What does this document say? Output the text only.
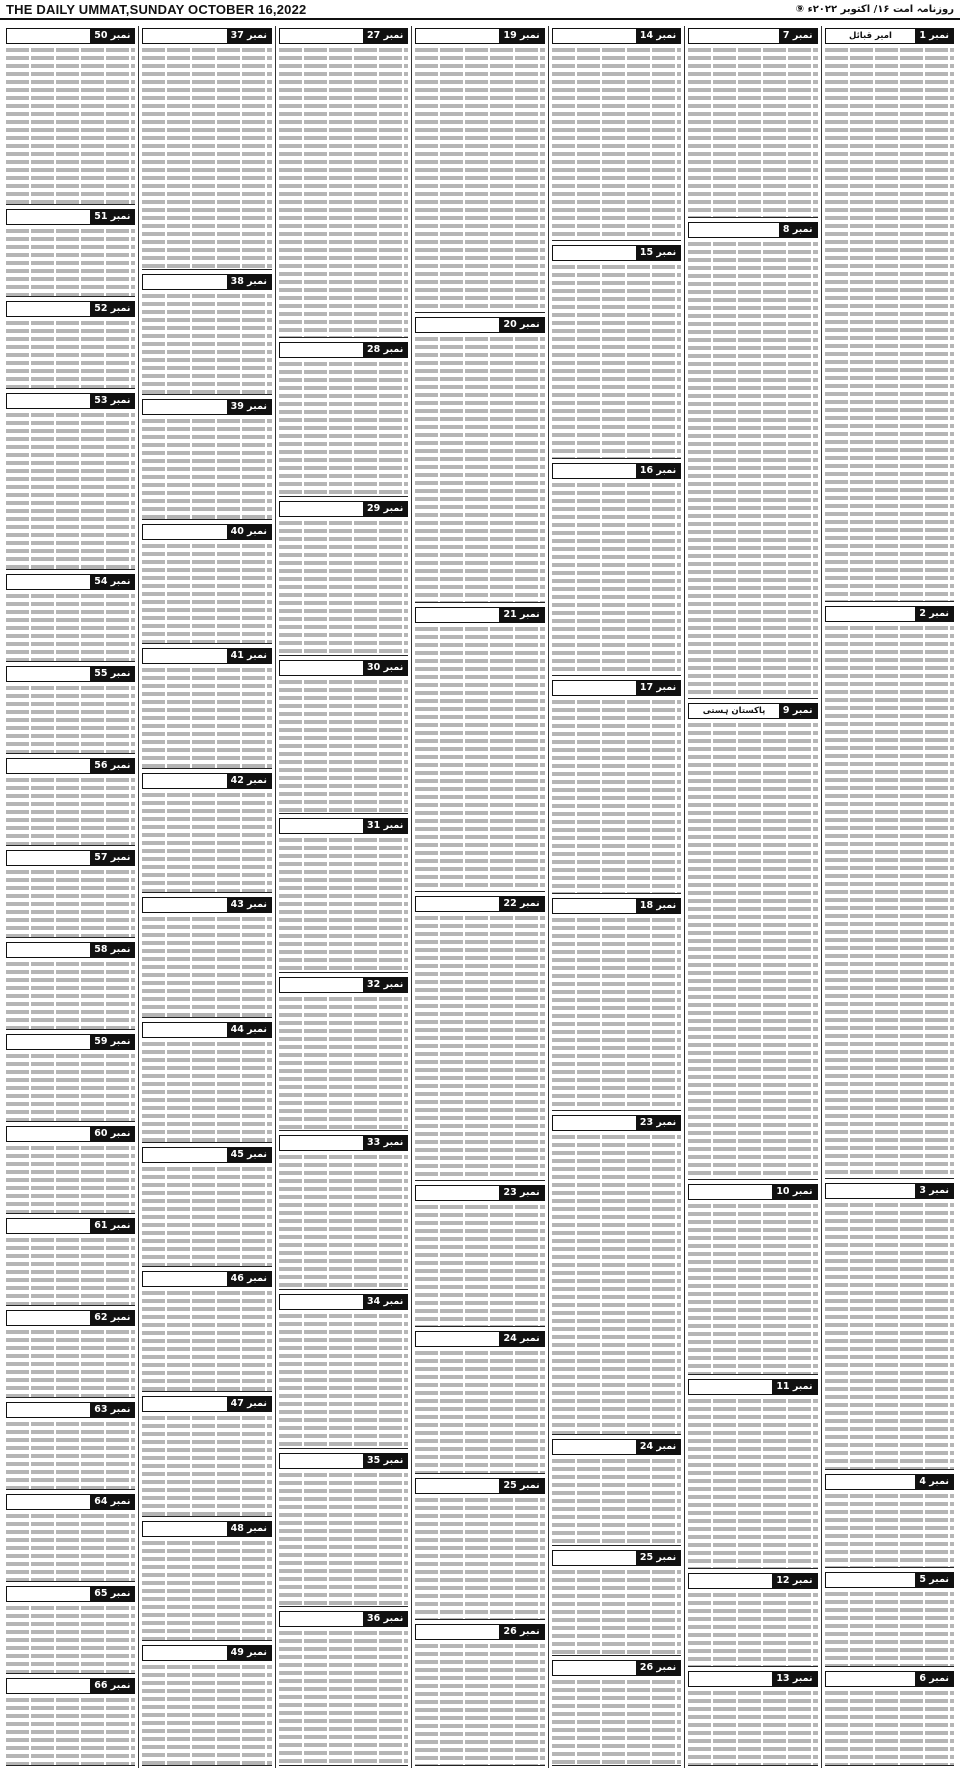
THE DAILY UMMAT,SUNDAY OCTOBER 16,2022	روزنامہ امت ۱۶/ اکتوبر ۲۰۲۲ء ⑨
نمبر 1
امیر قبائل
نمبر 2
نمبر 3
نمبر 4
نمبر 5
نمبر 6
نمبر 7
نمبر 8
نمبر 9
پاکستان ہستی
نمبر 10
نمبر 11
نمبر 12
نمبر 13
نمبر 14
نمبر 15
نمبر 16
نمبر 17
نمبر 18
نمبر 23
نمبر 24
نمبر 25
نمبر 26
نمبر 19
نمبر 20
نمبر 21
نمبر 22
نمبر 23
نمبر 24
نمبر 25
نمبر 26
نمبر 27
نمبر 28
نمبر 29
نمبر 30
نمبر 31
نمبر 32
نمبر 33
نمبر 34
نمبر 35
نمبر 36
نمبر 37
نمبر 38
نمبر 39
نمبر 40
نمبر 41
نمبر 42
نمبر 43
نمبر 44
نمبر 45
نمبر 46
نمبر 47
نمبر 48
نمبر 49
نمبر 50
نمبر 51
نمبر 52
نمبر 53
نمبر 54
نمبر 55
نمبر 56
نمبر 57
نمبر 58
نمبر 59
نمبر 60
نمبر 61
نمبر 62
نمبر 63
نمبر 64
نمبر 65
نمبر 66
